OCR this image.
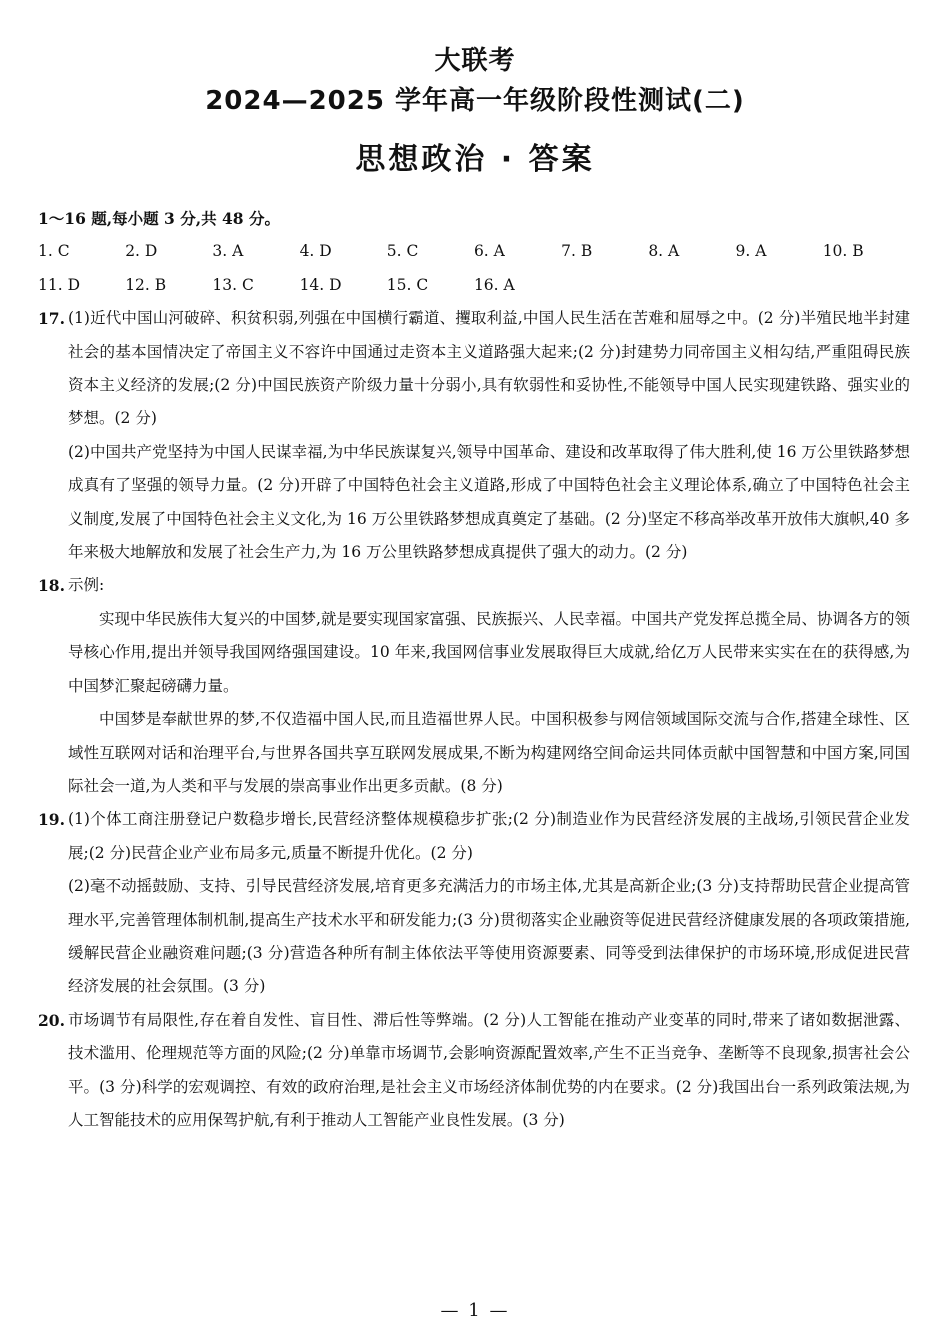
大联考
2024—2025 学年高一年级阶段性测试(二)
思想政治 · 答案
1～16 题,每小题 3 分,共 48 分。
1. C	2. D	3. A	4. D	5. C	6. A	7. B	8. A	9. A	10. B
11. D	12. B	13. C	14. D	15. C	16. A
17. (1)近代中国山河破碎、积贫积弱,列强在中国横行霸道、攫取利益,中国人民生活在苦难和屈辱之中。(2 分)半殖民地半封建社会的基本国情决定了帝国主义不容许中国通过走资本主义道路强大起来;(2 分)封建势力同帝国主义相勾结,严重阻碍民族资本主义经济的发展;(2 分)中国民族资产阶级力量十分弱小,具有软弱性和妥协性,不能领导中国人民实现建铁路、强实业的梦想。(2 分)

(2)中国共产党坚持为中国人民谋幸福,为中华民族谋复兴,领导中国革命、建设和改革取得了伟大胜利,使 16 万公里铁路梦想成真有了坚强的领导力量。(2 分)开辟了中国特色社会主义道路,形成了中国特色社会主义理论体系,确立了中国特色社会主义制度,发展了中国特色社会主义文化,为 16 万公里铁路梦想成真奠定了基础。(2 分)坚定不移高举改革开放伟大旗帜,40 多年来极大地解放和发展了社会生产力,为 16 万公里铁路梦想成真提供了强大的动力。(2 分)

18. 示例:

实现中华民族伟大复兴的中国梦,就是要实现国家富强、民族振兴、人民幸福。中国共产党发挥总揽全局、协调各方的领导核心作用,提出并领导我国网络强国建设。10 年来,我国网信事业发展取得巨大成就,给亿万人民带来实实在在的获得感,为中国梦汇聚起磅礴力量。

中国梦是奉献世界的梦,不仅造福中国人民,而且造福世界人民。中国积极参与网信领域国际交流与合作,搭建全球性、区域性互联网对话和治理平台,与世界各国共享互联网发展成果,不断为构建网络空间命运共同体贡献中国智慧和中国方案,同国际社会一道,为人类和平与发展的崇高事业作出更多贡献。(8 分)

19. (1)个体工商注册登记户数稳步增长,民营经济整体规模稳步扩张;(2 分)制造业作为民营经济发展的主战场,引领民营企业发展;(2 分)民营企业产业布局多元,质量不断提升优化。(2 分)

(2)毫不动摇鼓励、支持、引导民营经济发展,培育更多充满活力的市场主体,尤其是高新企业;(3 分)支持帮助民营企业提高管理水平,完善管理体制机制,提高生产技术水平和研发能力;(3 分)贯彻落实企业融资等促进民营经济健康发展的各项政策措施,缓解民营企业融资难问题;(3 分)营造各种所有制主体依法平等使用资源要素、同等受到法律保护的市场环境,形成促进民营经济发展的社会氛围。(3 分)

20. 市场调节有局限性,存在着自发性、盲目性、滞后性等弊端。(2 分)人工智能在推动产业变革的同时,带来了诸如数据泄露、技术滥用、伦理规范等方面的风险;(2 分)单靠市场调节,会影响资源配置效率,产生不正当竞争、垄断等不良现象,损害社会公平。(3 分)科学的宏观调控、有效的政府治理,是社会主义市场经济体制优势的内在要求。(2 分)我国出台一系列政策法规,为人工智能技术的应用保驾护航,有利于推动人工智能产业良性发展。(3 分)

— 1 —
